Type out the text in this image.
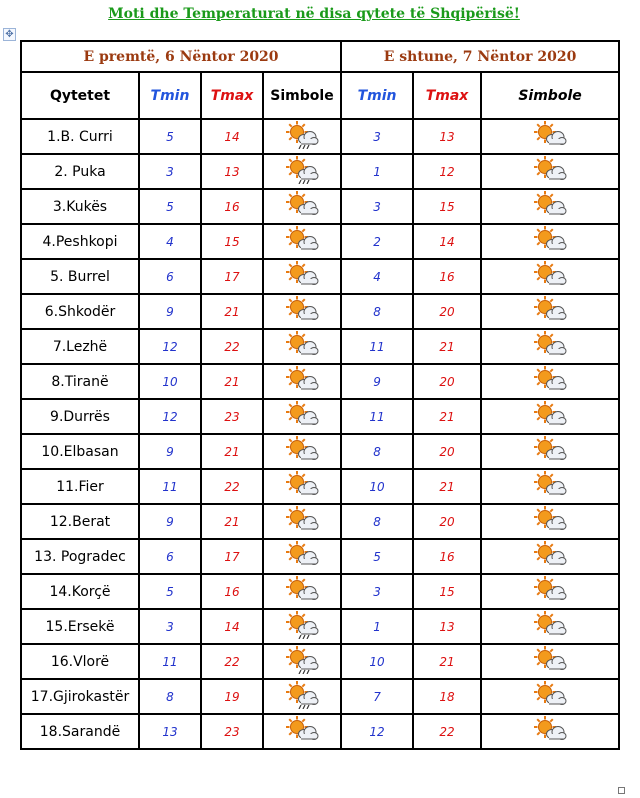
Moti dhe Temperaturat në disa qytete të Shqipërisë!
✥
E premtë, 6 Nëntor 2020				E shtune, 7 Nëntor 2020		
Qytetet	Tmin	Tmax	Simbole	Tmin	Tmax	Simbole
1.B. Curri	5	14		3	13	
2. Puka	3	13		1	12	
3.Kukës	5	16		3	15	
4.Peshkopi	4	15		2	14	
5. Burrel	6	17		4	16	
6.Shkodër	9	21		8	20	
7.Lezhë	12	22		11	21	
8.Tiranë	10	21		9	20	
9.Durrës	12	23		11	21	
10.Elbasan	9	21		8	20	
11.Fier	11	22		10	21	
12.Berat	9	21		8	20	
13. Pogradec	6	17		5	16	
14.Korçë	5	16		3	15	
15.Ersekë	3	14		1	13	
16.Vlorë	11	22		10	21	
17.Gjirokastër	8	19		7	18	
18.Sarandë	13	23		12	22	
